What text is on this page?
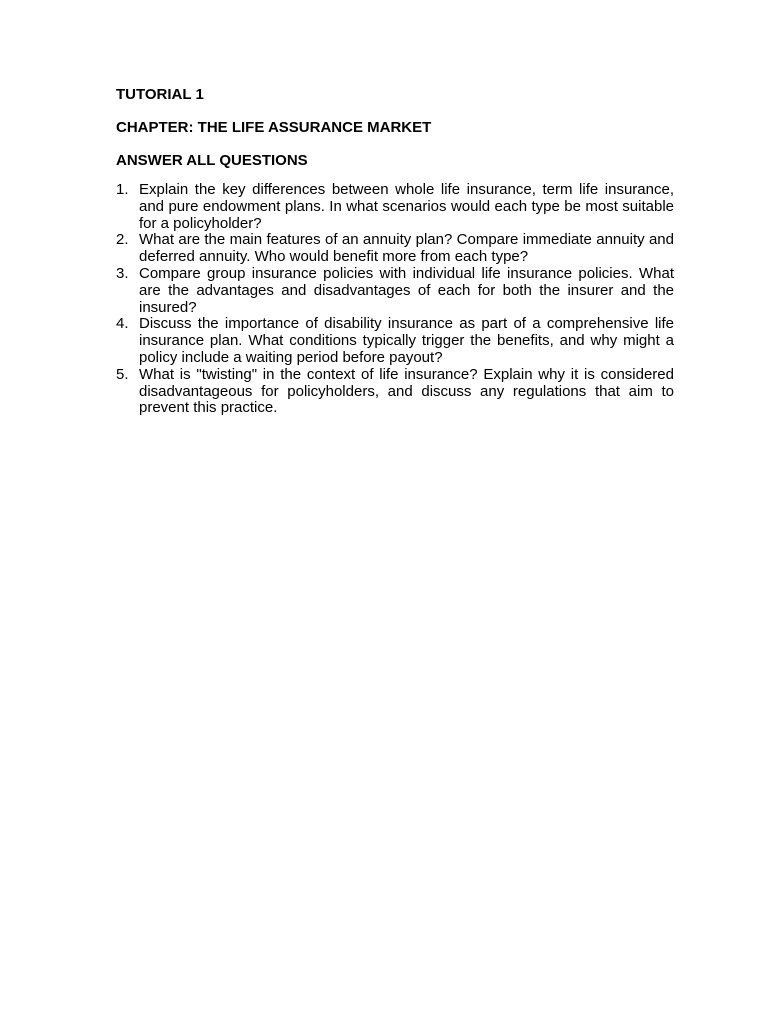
TUTORIAL 1

CHAPTER: THE LIFE ASSURANCE MARKET

ANSWER ALL QUESTIONS

1. Explain the key differences between whole life insurance, term life insurance, and pure endowment plans. In what scenarios would each type be most suitable for a policyholder?
2. What are the main features of an annuity plan? Compare immediate annuity and deferred annuity. Who would benefit more from each type?
3. Compare group insurance policies with individual life insurance policies. What are the advantages and disadvantages of each for both the insurer and the insured?
4. Discuss the importance of disability insurance as part of a comprehensive life insurance plan. What conditions typically trigger the benefits, and why might a policy include a waiting period before payout?
5. What is "twisting" in the context of life insurance? Explain why it is considered disadvantageous for policyholders, and discuss any regulations that aim to prevent this practice.
